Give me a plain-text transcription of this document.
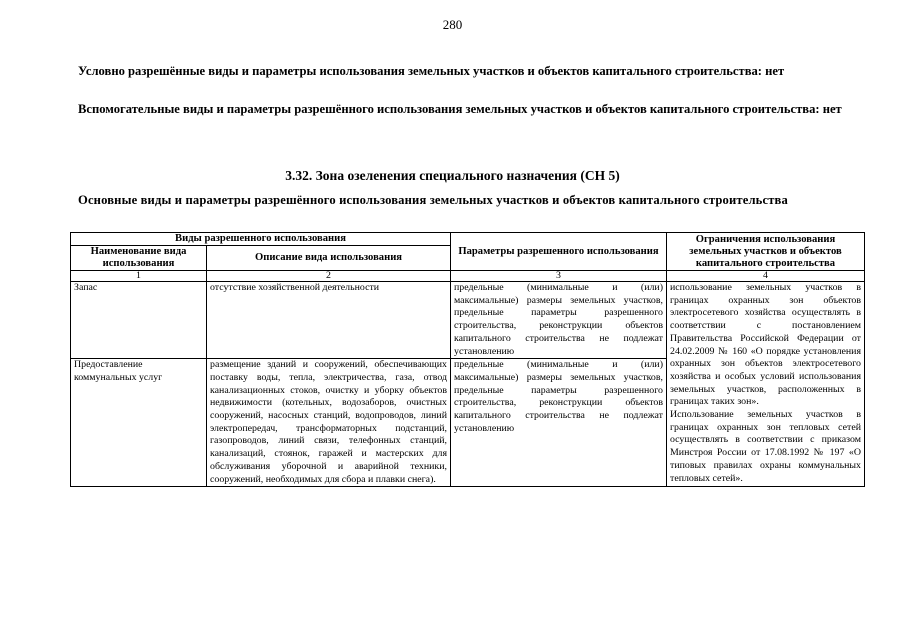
280
Условно разрешённые виды и параметры использования земельных участков и объектов капитального строительства: нет
Вспомогательные виды и параметры разрешённого использования земельных участков и объектов капитального строительства: нет
3.32. Зона озеленения специального назначения (СН 5)
Основные виды и параметры разрешённого использования земельных участков и объектов капитального строительства
Виды разрешенного использования		Параметры разрешенного использования	Ограничения использования земельных участков и объектов капитального строительства
Наименование вида использования	Описание вида использования		
1	2	3	4
Запас	отсутствие хозяйственной деятельности	предельные (минимальные и (или) максимальные) размеры земельных участков, предельные параметры разрешенного строительства, реконструкции объектов капитального строительства не подлежат установлению	использование земельных участков в границах охранных зон объектов электросетевого хозяйства осуществлять в соответствии с постановлением Правительства Российской Федерации от 24.02.2009 № 160 «О порядке установления охранных зон объектов электросетевого хозяйства и особых условий использования земельных участков, расположенных в границах таких зон».

Использование земельных участков в границах охранных зон тепловых сетей осуществлять в соответствии с приказом Минстроя России от 17.08.1992 № 197 «О типовых правилах охраны коммунальных тепловых сетей».

Предоставление коммунальных услуг	размещение зданий и сооружений, обеспечивающих поставку воды, тепла, электричества, газа, отвод канализационных стоков, очистку и уборку объектов недвижимости (котельных, водозаборов, очистных сооружений, насосных станций, водопроводов, линий электропередач, трансформаторных подстанций, газопроводов, линий связи, телефонных станций, канализаций, стоянок, гаражей и мастерских для обслуживания уборочной и аварийной техники, сооружений, необходимых для сбора и плавки снега).	предельные (минимальные и (или) максимальные) размеры земельных участков, предельные параметры разрешенного строительства, реконструкции объектов капитального строительства не подлежат установлению	
